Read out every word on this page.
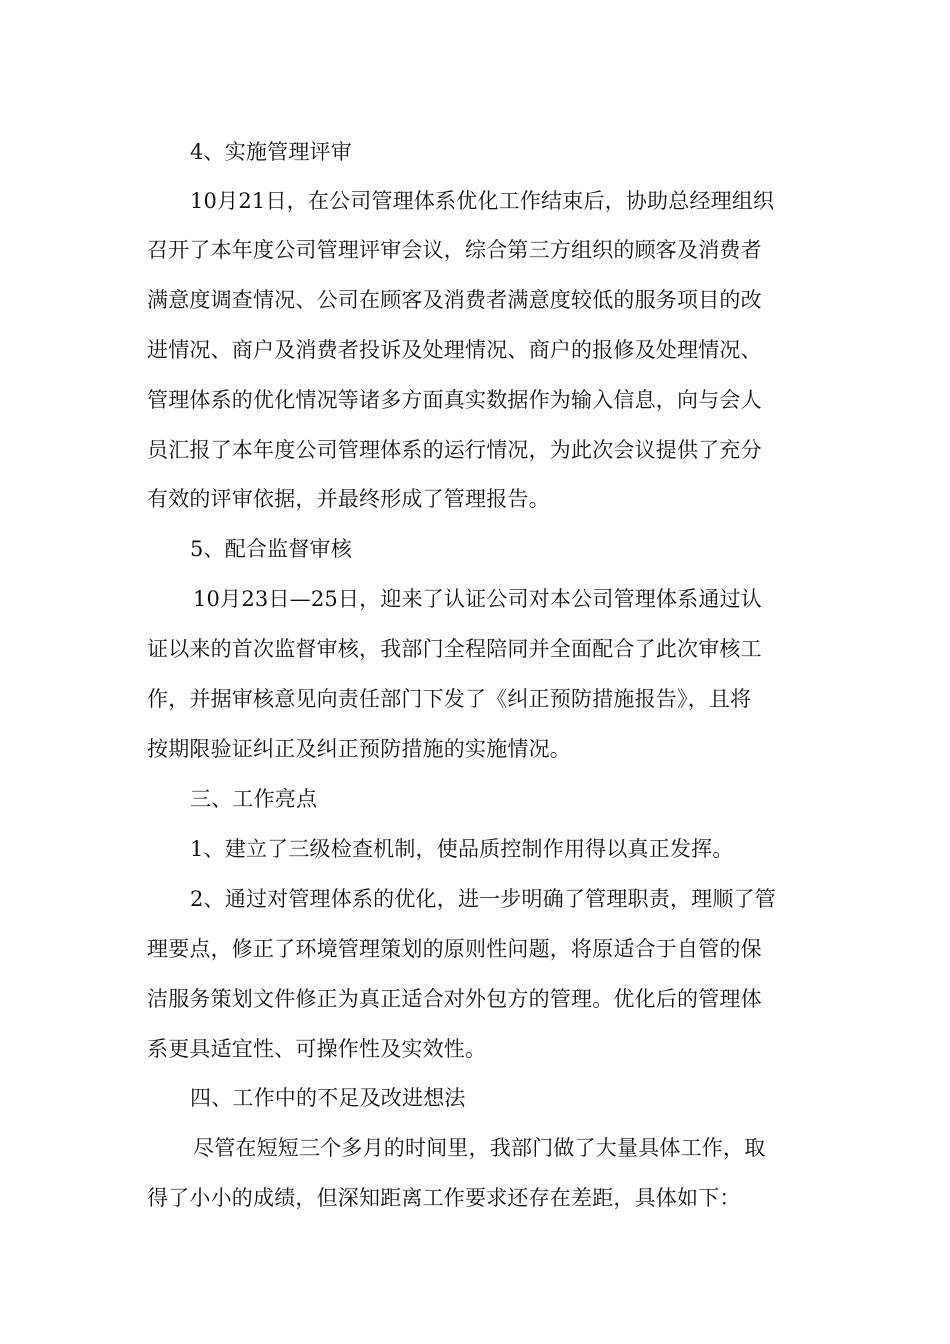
4、实施管理评审
10月21日，在公司管理体系优化工作结束后，协助总经理组织
召开了本年度公司管理评审会议，综合第三方组织的顾客及消费者
满意度调查情况、公司在顾客及消费者满意度较低的服务项目的改
进情况、商户及消费者投诉及处理情况、商户的报修及处理情况、
管理体系的优化情况等诸多方面真实数据作为输入信息，向与会人
员汇报了本年度公司管理体系的运行情况，为此次会议提供了充分
有效的评审依据，并最终形成了管理报告。
5、配合监督审核
10月23日—25日，迎来了认证公司对本公司管理体系通过认
证以来的首次监督审核，我部门全程陪同并全面配合了此次审核工
作，并据审核意见向责任部门下发了《纠正预防措施报告》，且将
按期限验证纠正及纠正预防措施的实施情况。
三、工作亮点
1、建立了三级检查机制，使品质控制作用得以真正发挥。
2、通过对管理体系的优化，进一步明确了管理职责，理顺了管
理要点，修正了环境管理策划的原则性问题，将原适合于自管的保
洁服务策划文件修正为真正适合对外包方的管理。优化后的管理体
系更具适宜性、可操作性及实效性。
四、工作中的不足及改进想法
尽管在短短三个多月的时间里，我部门做了大量具体工作，取
得了小小的成绩，但深知距离工作要求还存在差距，具体如下：
